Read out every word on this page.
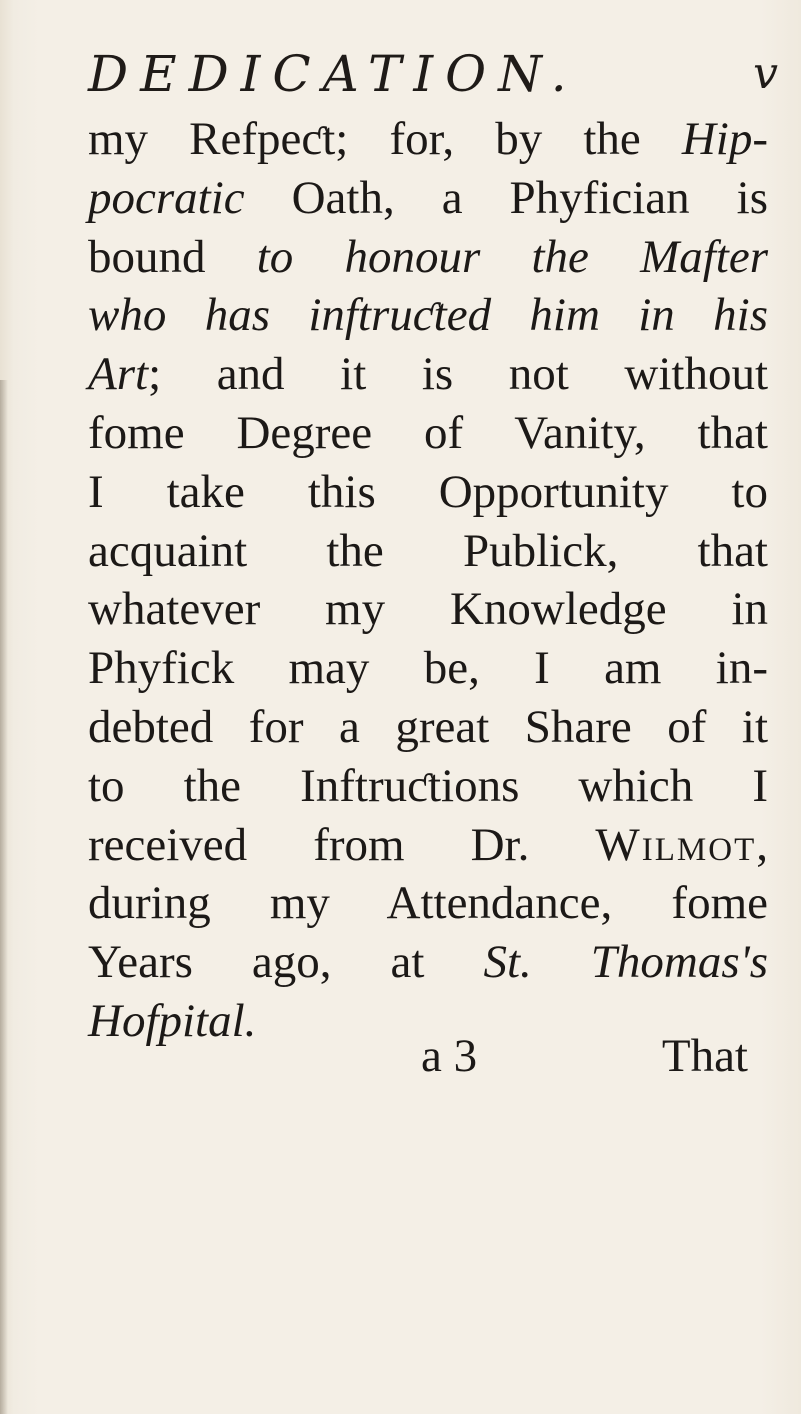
DEDICATION.	v
my Refpeƈt; for, by the Hip-
pocratic Oath, a Phyfician is
bound to honour the Mafter
who has inftruƈted him in his
Art; and it is not without
fome Degree of Vanity, that
I take this Opportunity to
acquaint the Publick, that
whatever my Knowledge in
Phyfick may be, I am in-
debted for a great Share of it
to the Inftruƈtions which I
received from Dr. Wilmot,
during my Attendance, fome
Years ago, at St. Thomas's
Hofpital.
a 3	That
